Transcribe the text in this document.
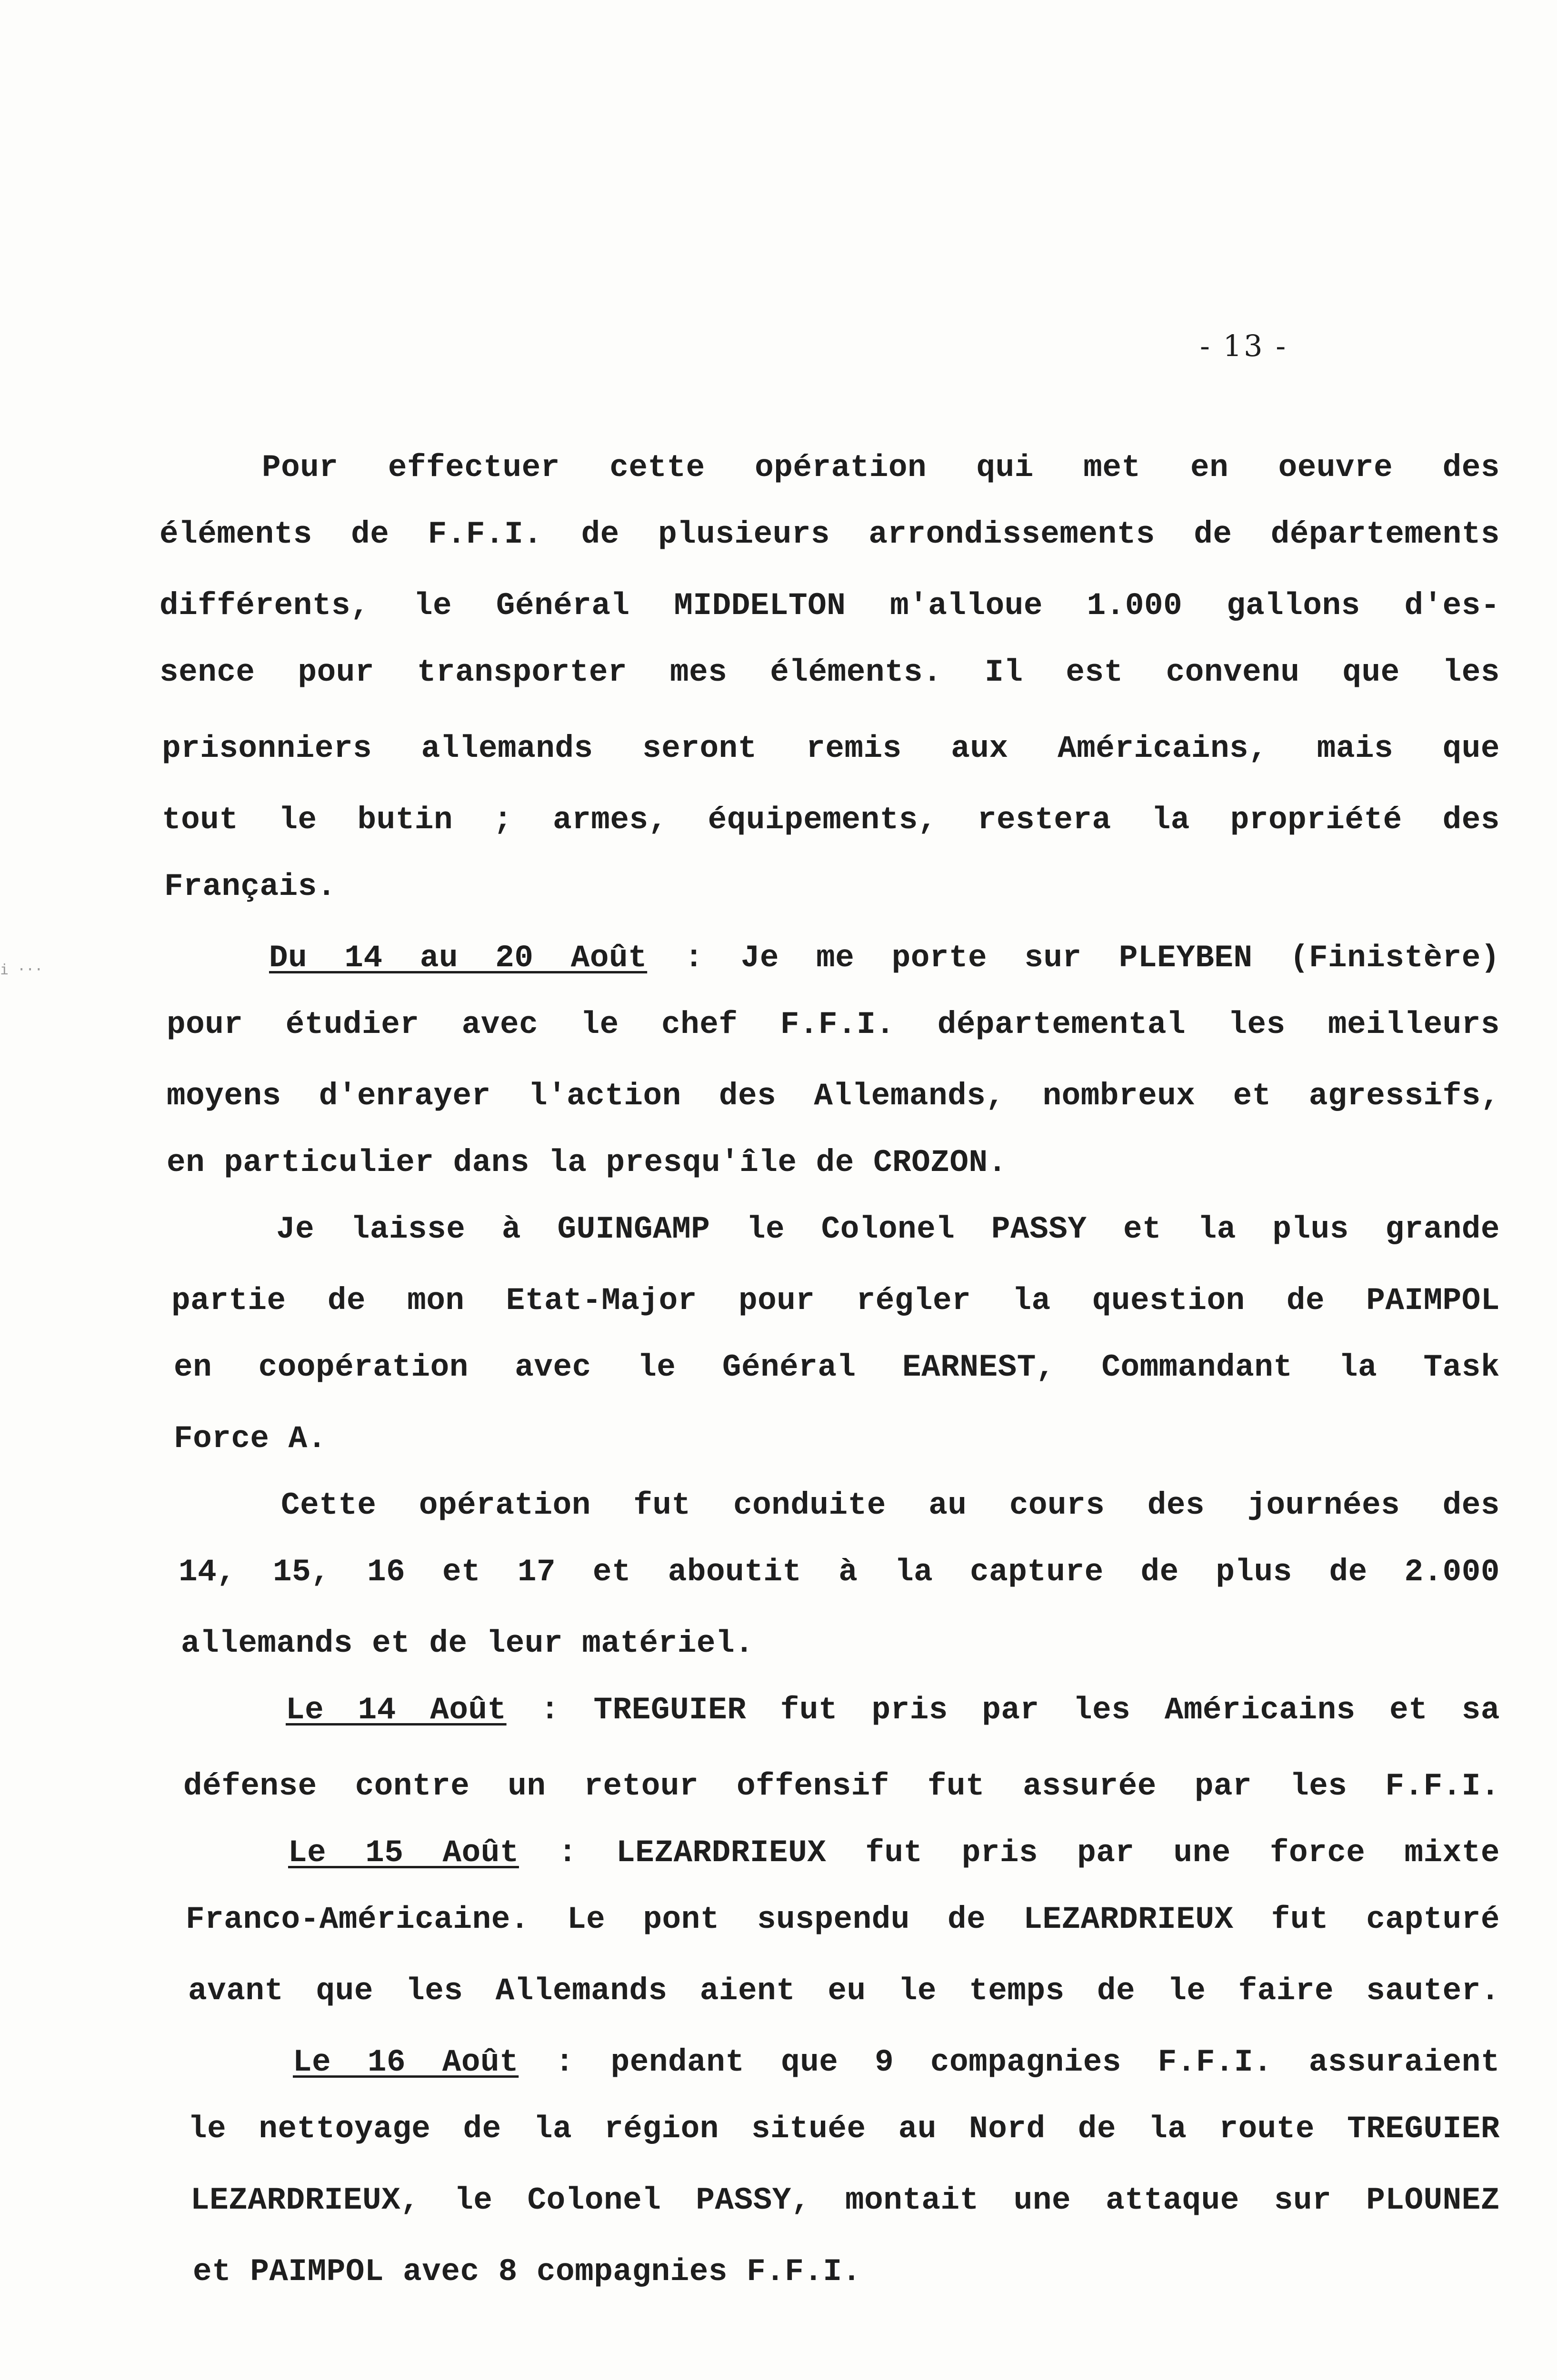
- 13 -
i ···
Pour effectuer cette opération qui met en oeuvre des
éléments de F.F.I. de plusieurs arrondissements de départements
différents, le Général MIDDELTON m'alloue 1.000 gallons d'es-
sence pour transporter mes éléments. Il est convenu que les
prisonniers allemands seront remis aux Américains, mais que
tout le butin ; armes, équipements, restera la propriété des
Français.
Du 14 au 20 Août : Je me porte sur PLEYBEN (Finistère)
pour étudier avec le chef F.F.I. départemental les meilleurs
moyens d'enrayer l'action des Allemands, nombreux et agressifs,
en particulier dans la presqu'île de CROZON.
Je laisse à GUINGAMP le Colonel PASSY et la plus grande
partie de mon Etat-Major pour régler la question de PAIMPOL
en coopération avec le Général EARNEST, Commandant la Task
Force A.
Cette opération fut conduite au cours des journées des
14, 15, 16 et 17 et aboutit à la capture de plus de 2.000
allemands et de leur matériel.
Le 14 Août : TREGUIER fut pris par les Américains et sa
défense contre un retour offensif fut assurée par les F.F.I.
Le 15 Août : LEZARDRIEUX fut pris par une force mixte
Franco-Américaine. Le pont suspendu de LEZARDRIEUX fut capturé
avant que les Allemands aient eu le temps de le faire sauter.
Le 16 Août : pendant que 9 compagnies F.F.I. assuraient
le nettoyage de la région située au Nord de la route TREGUIER
LEZARDRIEUX, le Colonel PASSY, montait une attaque sur PLOUNEZ
et PAIMPOL avec 8 compagnies F.F.I.
